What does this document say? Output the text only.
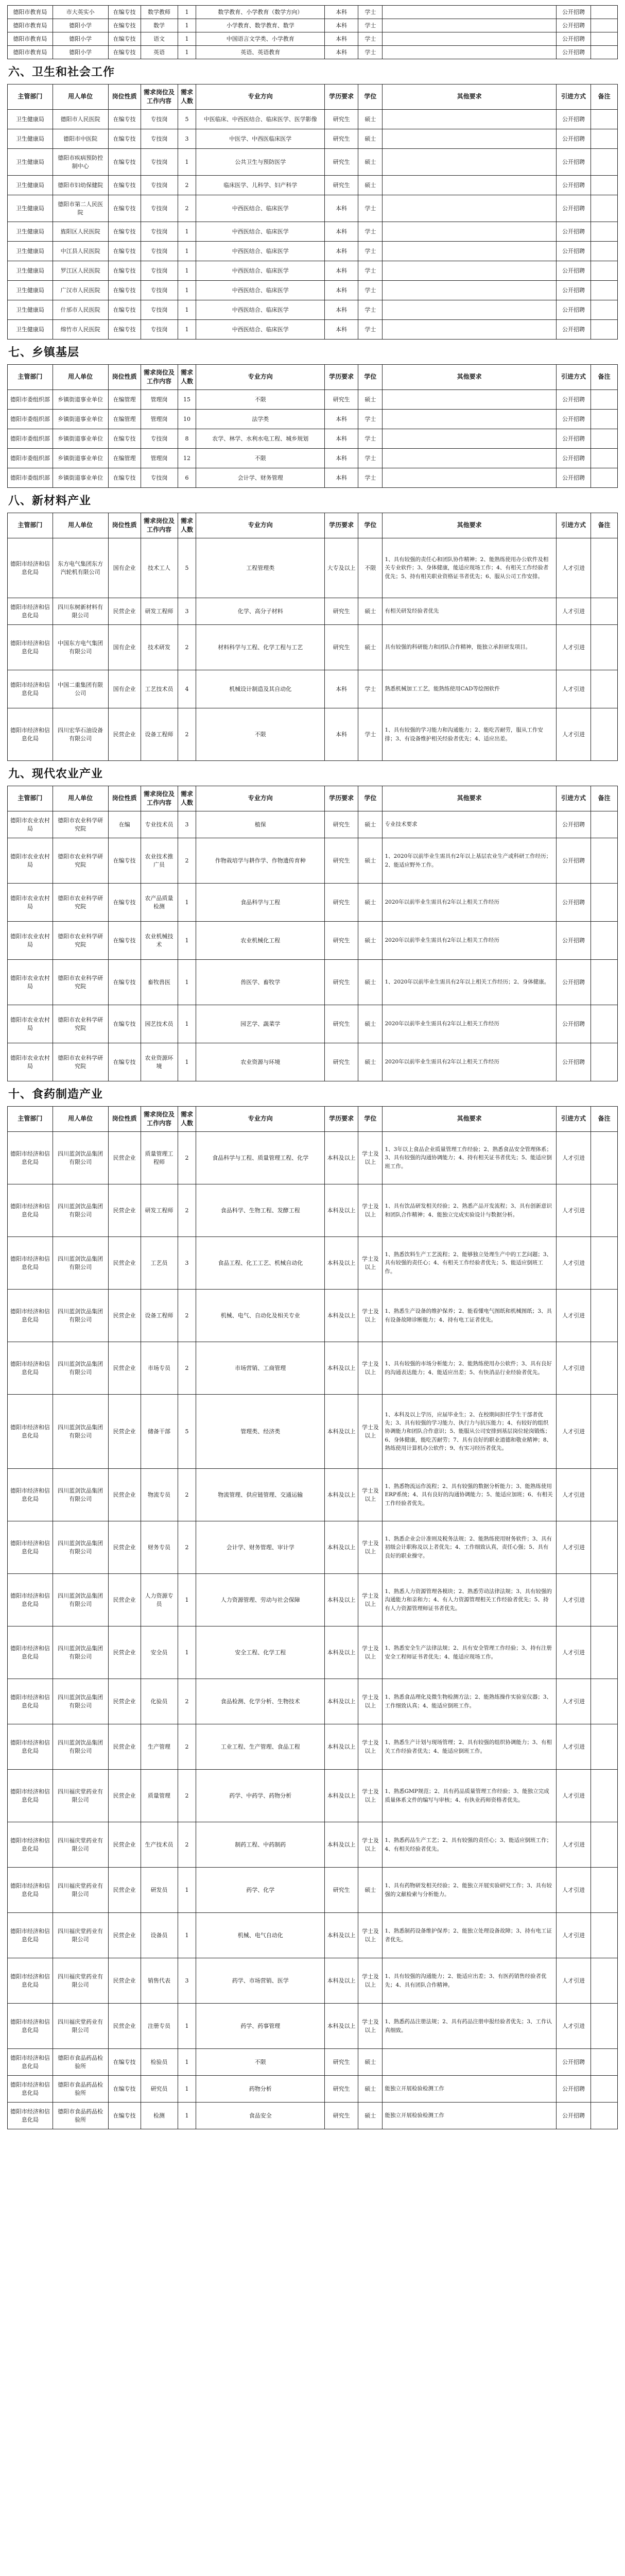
德阳市教育局	市大英实小	在编专技	数学教师	1	数学教育、小学教育（数学方向）	本科	学士		公开招聘	
德阳市教育局	德阳小学	在编专技	数学	1	小学教育、数学教育、数学	本科	学士		公开招聘	
德阳市教育局	德阳小学	在编专技	语文	1	中国语言文学类、小学教育	本科	学士		公开招聘	
德阳市教育局	德阳小学	在编专技	英语	1	英语、英语教育	本科	学士		公开招聘	
六、卫生和社会工作
主管部门	用人单位	岗位性质	需求岗位及工作内容	需求人数	专业方向	学历要求	学位	其他要求	引进方式	备注
卫生健康局	德阳市人民医院	在编专技	专技岗	5	中医临床、中西医结合、临床医学、医学影像	研究生	硕士		公开招聘	
卫生健康局	德阳市中医院	在编专技	专技岗	3	中医学、中西医临床医学	研究生	硕士		公开招聘	
卫生健康局	德阳市疾病预防控制中心	在编专技	专技岗	1	公共卫生与预防医学	研究生	硕士		公开招聘	
卫生健康局	德阳市妇幼保健院	在编专技	专技岗	2	临床医学、儿科学、妇产科学	研究生	硕士		公开招聘	
卫生健康局	德阳市第二人民医院	在编专技	专技岗	2	中西医结合、临床医学	本科	学士		公开招聘	
卫生健康局	旌阳区人民医院	在编专技	专技岗	1	中西医结合、临床医学	本科	学士		公开招聘	
卫生健康局	中江县人民医院	在编专技	专技岗	1	中西医结合、临床医学	本科	学士		公开招聘	
卫生健康局	罗江区人民医院	在编专技	专技岗	1	中西医结合、临床医学	本科	学士		公开招聘	
卫生健康局	广汉市人民医院	在编专技	专技岗	1	中西医结合、临床医学	本科	学士		公开招聘	
卫生健康局	什邡市人民医院	在编专技	专技岗	1	中西医结合、临床医学	本科	学士		公开招聘	
卫生健康局	绵竹市人民医院	在编专技	专技岗	1	中西医结合、临床医学	本科	学士		公开招聘	
七、乡镇基层
主管部门	用人单位	岗位性质	需求岗位及工作内容	需求人数	专业方向	学历要求	学位	其他要求	引进方式	备注
德阳市委组织部	乡镇街道事业单位	在编管理	管理岗	15	不限	研究生	硕士		公开招聘	
德阳市委组织部	乡镇街道事业单位	在编管理	管理岗	10	法学类	本科	学士		公开招聘	
德阳市委组织部	乡镇街道事业单位	在编专技	专技岗	8	农学、林学、水利水电工程、城乡规划	本科	学士		公开招聘	
德阳市委组织部	乡镇街道事业单位	在编管理	管理岗	12	不限	本科	学士		公开招聘	
德阳市委组织部	乡镇街道事业单位	在编专技	专技岗	6	会计学、财务管理	本科	学士		公开招聘	
八、新材料产业
主管部门	用人单位	岗位性质	需求岗位及工作内容	需求人数	专业方向	学历要求	学位	其他要求	引进方式	备注
德阳市经济和信息化局	东方电气集团东方汽轮机有限公司	国有企业	技术工人	5	工程管理类	大专及以上	不限	1、具有较强的责任心和团队协作精神；2、能熟练使用办公软件及相关专业软件；3、身体健康，能适应现场工作；4、有相关工作经验者优先；5、持有相关职业资格证书者优先；6、服从公司工作安排。	人才引进	
德阳市经济和信息化局	四川东树新材料有限公司	民营企业	研发工程师	3	化学、高分子材料	研究生	硕士	有相关研发经验者优先	人才引进	
德阳市经济和信息化局	中国东方电气集团有限公司	国有企业	技术研发	2	材料科学与工程、化学工程与工艺	研究生	硕士	具有较强的科研能力和团队合作精神，能独立承担研发项目。	人才引进	
德阳市经济和信息化局	中国二重集团有限公司	国有企业	工艺技术员	4	机械设计制造及其自动化	本科	学士	熟悉机械加工工艺，能熟练使用CAD等绘图软件	人才引进	
德阳市经济和信息化局	四川宏华石油设备有限公司	民营企业	设备工程师	2	不限	本科	学士	1、具有较强的学习能力和沟通能力；2、能吃苦耐劳，服从工作安排；3、有设备维护相关经验者优先；4、适应出差。	人才引进	
九、现代农业产业
主管部门	用人单位	岗位性质	需求岗位及工作内容	需求人数	专业方向	学历要求	学位	其他要求	引进方式	备注
德阳市农业农村局	德阳市农业科学研究院	在编	专业技术员	3	植保	研究生	硕士	专业技术要求	公开招聘	
德阳市农业农村局	德阳市农业科学研究院	在编专技	农业技术推广员	2	作物栽培学与耕作学、作物遗传育种	研究生	硕士	1、2020年以前毕业生需具有2年以上基层农业生产或科研工作经历；2、能适应野外工作。	公开招聘	
德阳市农业农村局	德阳市农业科学研究院	在编专技	农产品质量检测	1	食品科学与工程	研究生	硕士	2020年以前毕业生需具有2年以上相关工作经历	公开招聘	
德阳市农业农村局	德阳市农业科学研究院	在编专技	农业机械技术	1	农业机械化工程	研究生	硕士	2020年以前毕业生需具有2年以上相关工作经历	公开招聘	
德阳市农业农村局	德阳市农业科学研究院	在编专技	畜牧兽医	1	兽医学、畜牧学	研究生	硕士	1、2020年以前毕业生需具有2年以上相关工作经历；2、身体健康。	公开招聘	
德阳市农业农村局	德阳市农业科学研究院	在编专技	园艺技术员	1	园艺学、蔬菜学	研究生	硕士	2020年以前毕业生需具有2年以上相关工作经历	公开招聘	
德阳市农业农村局	德阳市农业科学研究院	在编专技	农业资源环境	1	农业资源与环境	研究生	硕士	2020年以前毕业生需具有2年以上相关工作经历	公开招聘	
十、食药制造产业
主管部门	用人单位	岗位性质	需求岗位及工作内容	需求人数	专业方向	学历要求	学位	其他要求	引进方式	备注
德阳市经济和信息化局	四川蓝剑饮品集团有限公司	民营企业	质量管理工程师	2	食品科学与工程、质量管理工程、化学	本科及以上	学士及以上	1、3年以上食品企业质量管理工作经验；2、熟悉食品安全管理体系；3、具有较强的沟通协调能力；4、持有相关证书者优先；5、能适应倒班工作。	人才引进	
德阳市经济和信息化局	四川蓝剑饮品集团有限公司	民营企业	研发工程师	2	食品科学、生物工程、发酵工程	本科及以上	学士及以上	1、具有饮品研发相关经验；2、熟悉产品开发流程；3、具有创新意识和团队合作精神；4、能独立完成实验设计与数据分析。	人才引进	
德阳市经济和信息化局	四川蓝剑饮品集团有限公司	民营企业	工艺员	3	食品工程、化工工艺、机械自动化	本科及以上	学士及以上	1、熟悉饮料生产工艺流程；2、能够独立处理生产中的工艺问题；3、具有较强的责任心；4、有相关工作经验者优先；5、能适应倒班工作。	人才引进	
德阳市经济和信息化局	四川蓝剑饮品集团有限公司	民营企业	设备工程师	2	机械、电气、自动化及相关专业	本科及以上	学士及以上	1、熟悉生产设备的维护保养；2、能看懂电气图纸和机械图纸；3、具有设备故障诊断能力；4、持有电工证者优先。	人才引进	
德阳市经济和信息化局	四川蓝剑饮品集团有限公司	民营企业	市场专员	2	市场营销、工商管理	本科及以上	学士及以上	1、具有较强的市场分析能力；2、能熟练使用办公软件；3、具有良好的沟通表达能力；4、能适应出差；5、有快消品行业经验者优先。	人才引进	
德阳市经济和信息化局	四川蓝剑饮品集团有限公司	民营企业	储备干部	5	管理类、经济类	本科及以上	学士及以上	1、本科及以上学历，应届毕业生；2、在校期间担任学生干部者优先；3、具有较强的学习能力、执行力与抗压能力；4、有较好的组织协调能力和团队合作意识；5、能服从公司安排到基层岗位轮岗锻炼；6、身体健康，能吃苦耐劳；7、具有良好的职业道德和敬业精神；8、熟练使用计算机办公软件；9、有实习经历者优先。	人才引进	
德阳市经济和信息化局	四川蓝剑饮品集团有限公司	民营企业	物流专员	2	物流管理、供应链管理、交通运输	本科及以上	学士及以上	1、熟悉物流运作流程；2、具有较强的数据分析能力；3、能熟练使用ERP系统；4、具有良好的沟通协调能力；5、能适应加班；6、有相关工作经验者优先。	人才引进	
德阳市经济和信息化局	四川蓝剑饮品集团有限公司	民营企业	财务专员	2	会计学、财务管理、审计学	本科及以上	学士及以上	1、熟悉企业会计准则及税务法规；2、能熟练使用财务软件；3、具有初级会计职称及以上者优先；4、工作细致认真，责任心强；5、具有良好的职业操守。	人才引进	
德阳市经济和信息化局	四川蓝剑饮品集团有限公司	民营企业	人力资源专员	1	人力资源管理、劳动与社会保障	本科及以上	学士及以上	1、熟悉人力资源管理各模块；2、熟悉劳动法律法规；3、具有较强的沟通能力和亲和力；4、有人力资源管理相关工作经验者优先；5、持有人力资源管理师证书者优先。	人才引进	
德阳市经济和信息化局	四川蓝剑饮品集团有限公司	民营企业	安全员	1	安全工程、化学工程	本科及以上	学士及以上	1、熟悉安全生产法律法规；2、具有安全管理工作经验；3、持有注册安全工程师证书者优先；4、能适应现场工作。	人才引进	
德阳市经济和信息化局	四川蓝剑饮品集团有限公司	民营企业	化验员	2	食品检测、化学分析、生物技术	本科及以上	学士及以上	1、熟悉食品理化及微生物检测方法；2、能熟练操作实验室仪器；3、工作细致认真；4、能适应倒班工作。	人才引进	
德阳市经济和信息化局	四川蓝剑饮品集团有限公司	民营企业	生产管理	2	工业工程、生产管理、食品工程	本科及以上	学士及以上	1、熟悉生产计划与现场管理；2、具有较强的组织协调能力；3、有相关工作经验者优先；4、能适应倒班工作。	人才引进	
德阳市经济和信息化局	四川福庆堂药业有限公司	民营企业	质量管理	2	药学、中药学、药物分析	本科及以上	学士及以上	1、熟悉GMP规范；2、具有药品质量管理工作经验；3、能独立完成质量体系文件的编写与审核；4、有执业药师资格者优先。	人才引进	
德阳市经济和信息化局	四川福庆堂药业有限公司	民营企业	生产技术员	2	制药工程、中药制药	本科及以上	学士及以上	1、熟悉药品生产工艺；2、具有较强的责任心；3、能适应倒班工作；4、有相关经验者优先。	人才引进	
德阳市经济和信息化局	四川福庆堂药业有限公司	民营企业	研发员	1	药学、化学	研究生	硕士	1、具有药物研发相关经验；2、能独立开展实验研究工作；3、具有较强的文献检索与分析能力。	人才引进	
德阳市经济和信息化局	四川福庆堂药业有限公司	民营企业	设备员	1	机械、电气自动化	本科及以上	学士及以上	1、熟悉制药设备维护保养；2、能独立处理设备故障；3、持有电工证者优先。	人才引进	
德阳市经济和信息化局	四川福庆堂药业有限公司	民营企业	销售代表	3	药学、市场营销、医学	本科及以上	学士及以上	1、具有较强的沟通能力；2、能适应出差；3、有医药销售经验者优先；4、具有团队合作精神。	人才引进	
德阳市经济和信息化局	四川福庆堂药业有限公司	民营企业	注册专员	1	药学、药事管理	本科及以上	学士及以上	1、熟悉药品注册法规；2、具有药品注册申报经验者优先；3、工作认真细致。	人才引进	
德阳市经济和信息化局	德阳市食品药品检验所	在编专技	检验员	1	不限	研究生	硕士		公开招聘	
德阳市经济和信息化局	德阳市食品药品检验所	在编专技	研究员	1	药物分析	研究生	硕士	能独立开展检验检测工作	公开招聘	
德阳市经济和信息化局	德阳市食品药品检验所	在编专技	检测	1	食品安全	研究生	硕士	能独立开展检验检测工作	公开招聘	
